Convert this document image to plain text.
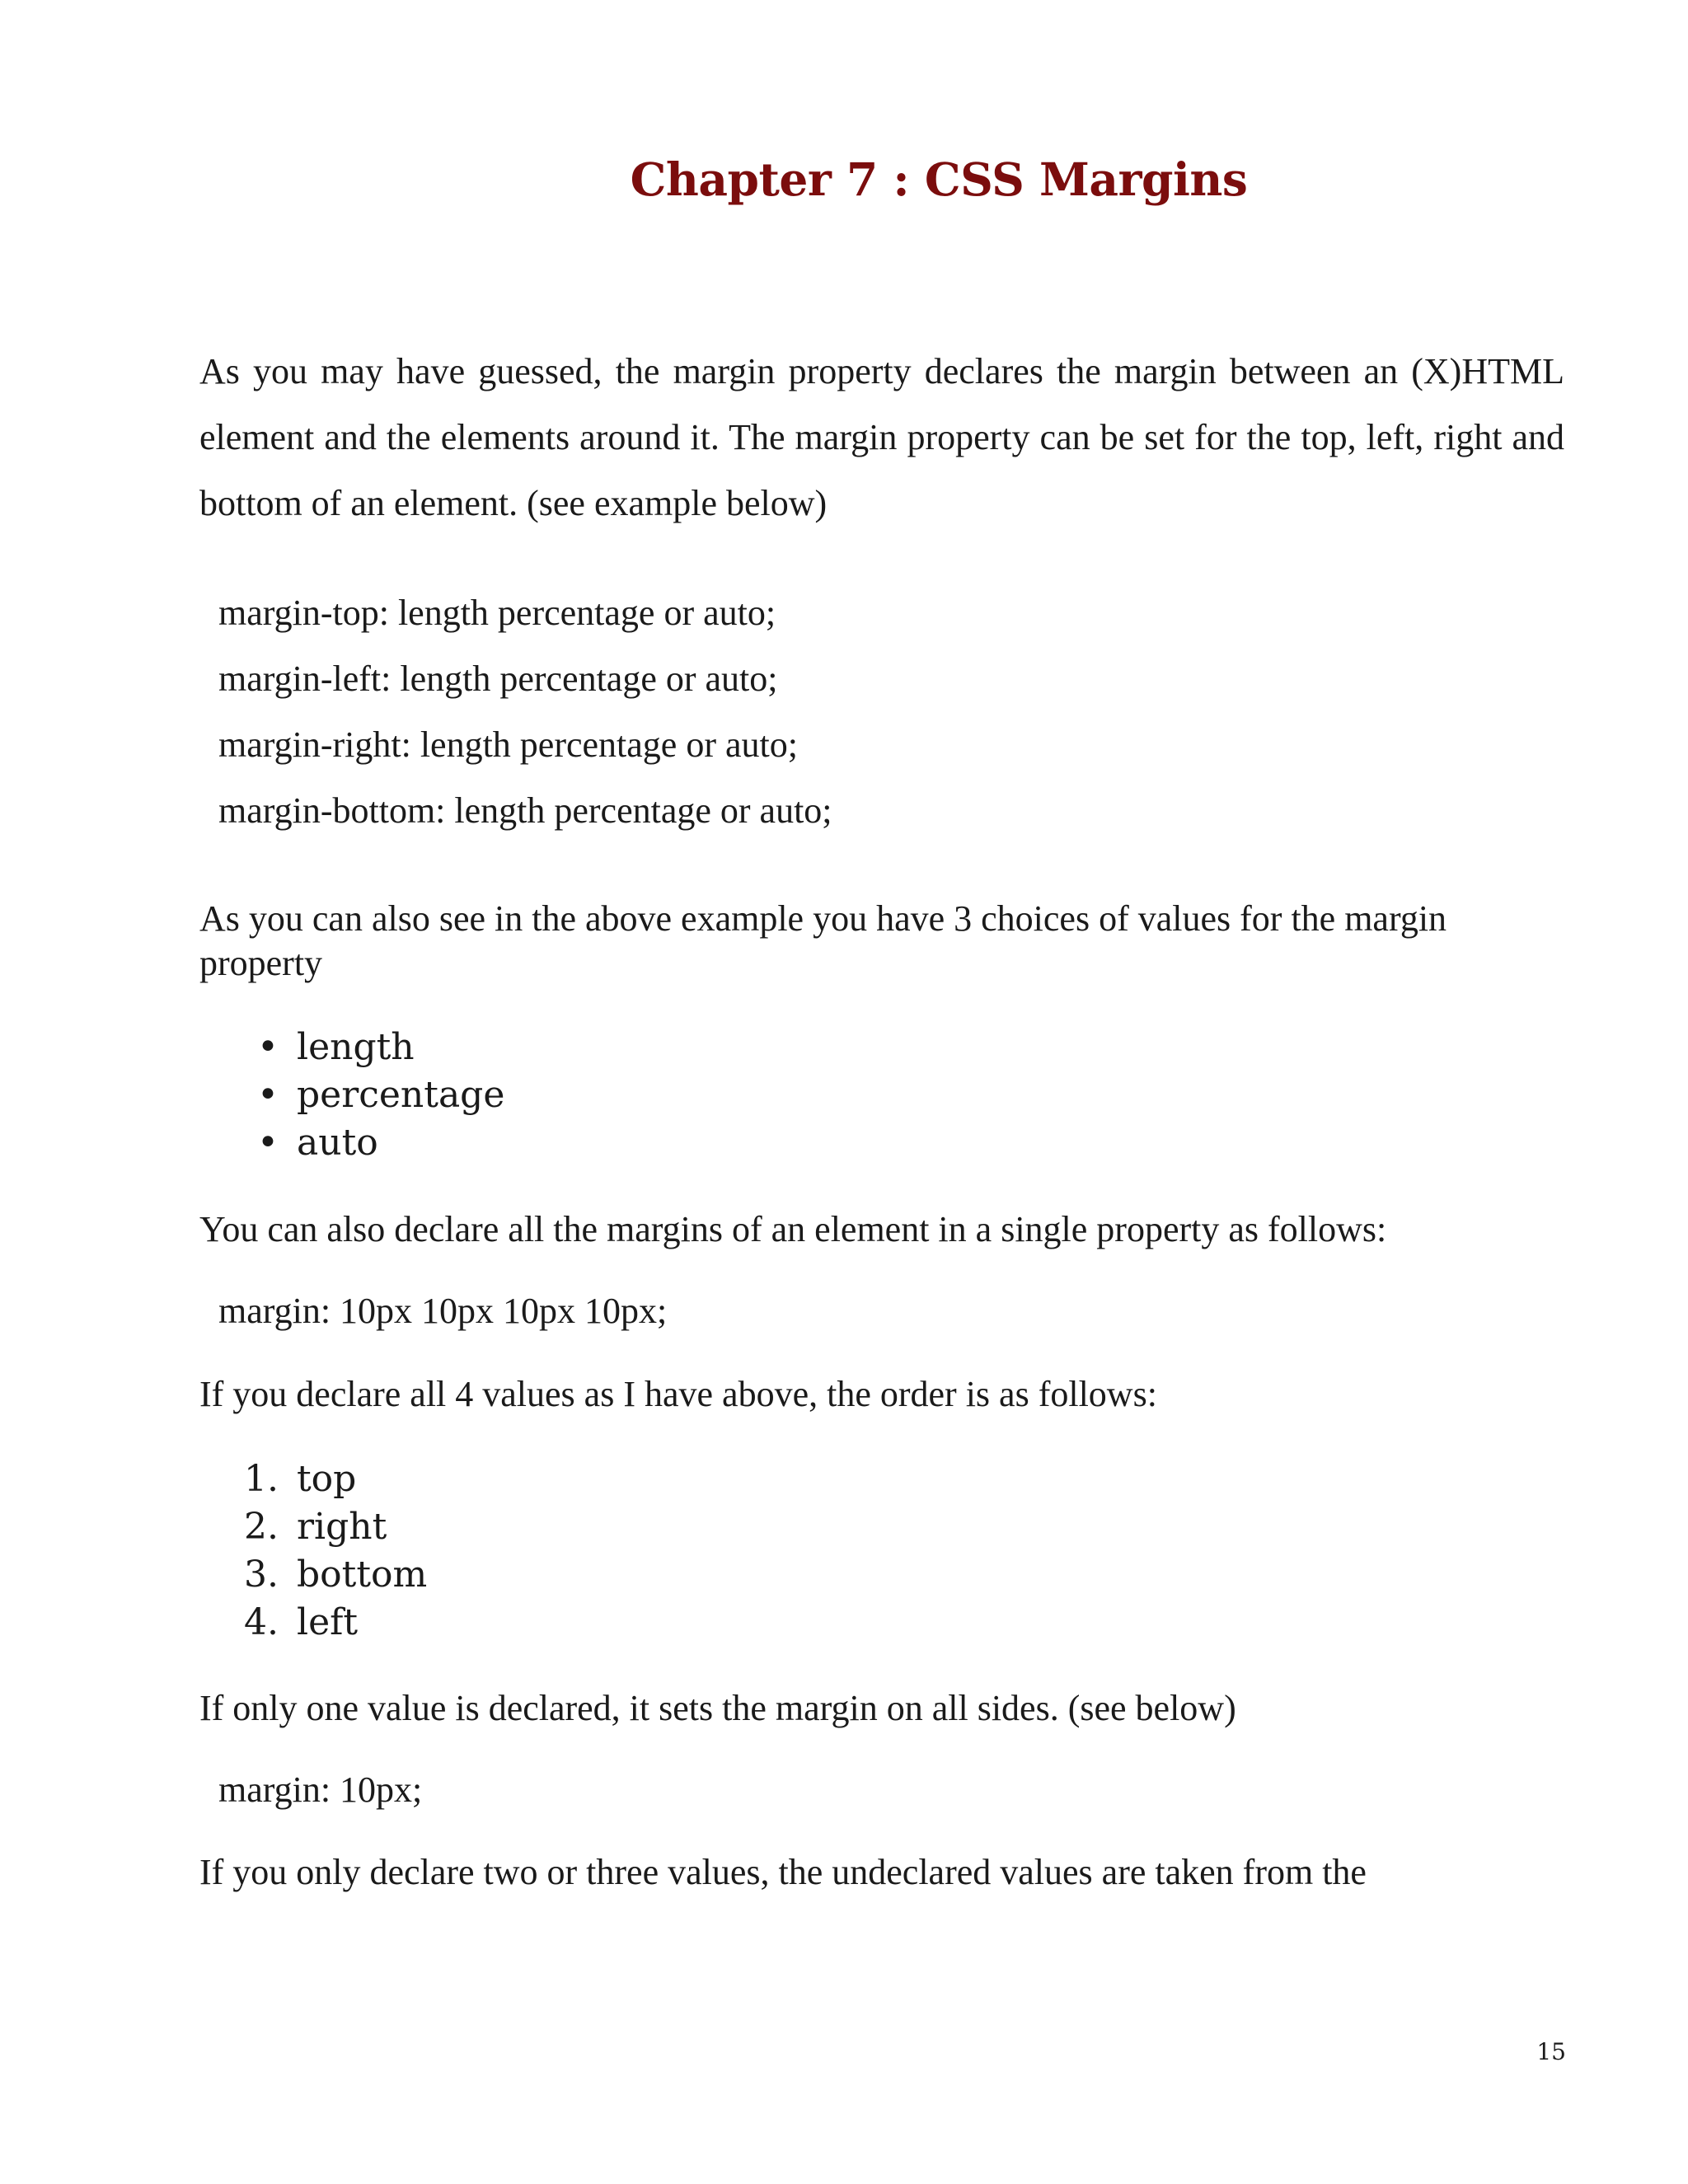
Chapter 7 : CSS Margins
As you may have guessed, the margin property declares the margin between an (X)HTML element and the elements around it. The margin property can be set for the top, left, right and bottom of an element. (see example below)
margin-top: length percentage or auto;
margin-left: length percentage or auto;
margin-right: length percentage or auto;
margin-bottom: length percentage or auto;
As you can also see in the above example you have 3 choices of values for the margin property
• length
• percentage
• auto
You can also declare all the margins of an element in a single property as follows:
margin: 10px 10px 10px 10px;
If you declare all 4 values as I have above, the order is as follows:
1. top
2. right
3. bottom
4. left
If only one value is declared, it sets the margin on all sides. (see below)
margin: 10px;
If you only declare two or three values, the undeclared values are taken from the
15
